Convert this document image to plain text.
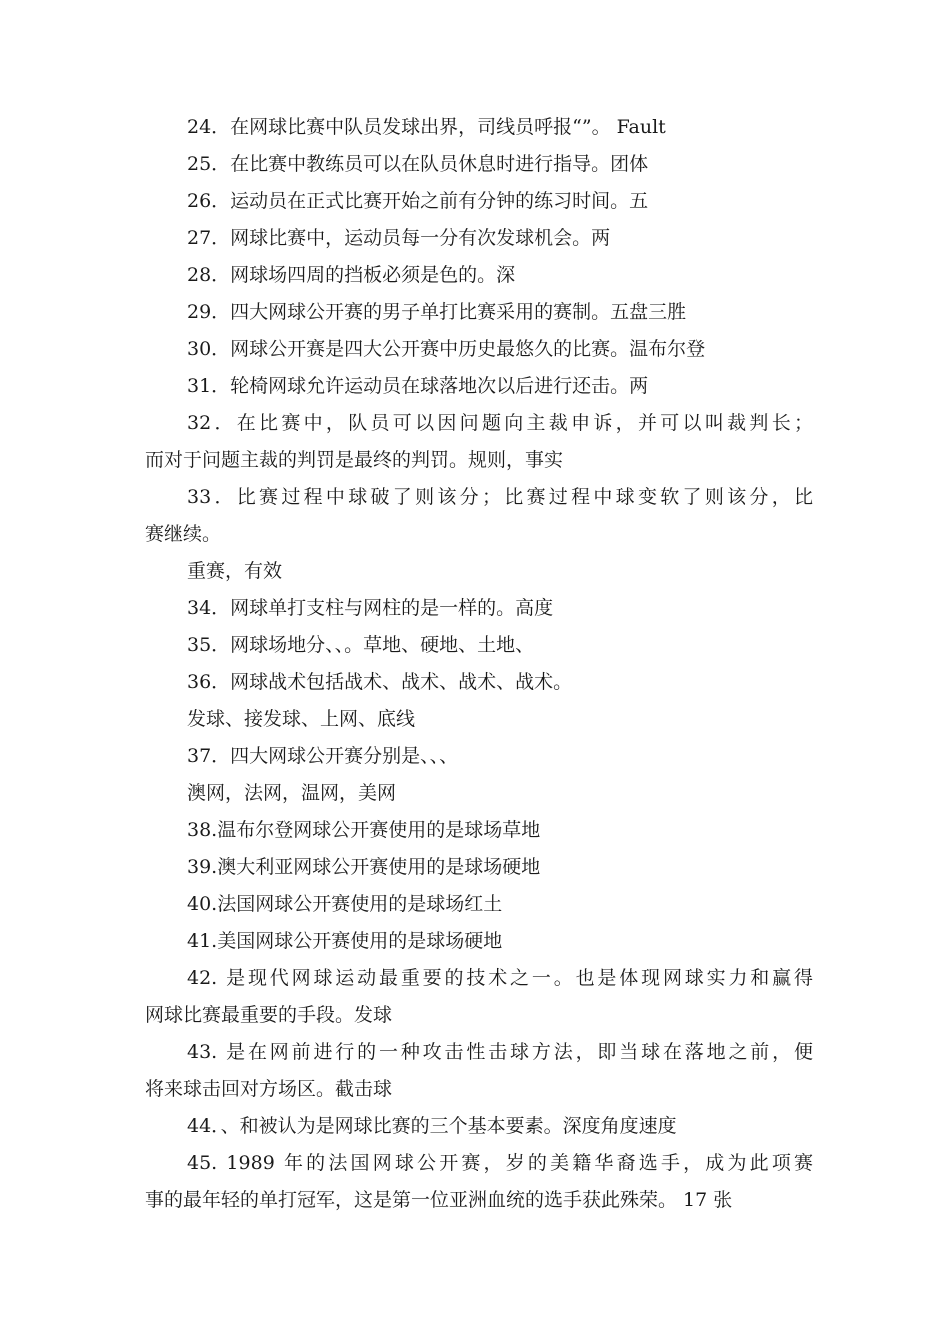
24．在网球比赛中队员发球出界，司线员呼报“”。 Fault
25．在比赛中教练员可以在队员休息时进行指导。团体
26．运动员在正式比赛开始之前有分钟的练习时间。五
27．网球比赛中，运动员每一分有次发球机会。两
28．网球场四周的挡板必须是色的。深
29．四大网球公开赛的男子单打比赛采用的赛制。五盘三胜
30．网球公开赛是四大公开赛中历史最悠久的比赛。温布尔登
31．轮椅网球允许运动员在球落地次以后进行还击。两
32．在比赛中，队员可以因问题向主裁申诉，并可以叫裁判长；
而对于问题主裁的判罚是最终的判罚。规则，事实
33．比赛过程中球破了则该分；比赛过程中球变软了则该分，比
赛继续。
重赛，有效
34．网球单打支柱与网柱的是一样的。高度
35．网球场地分、、。草地、硬地、土地、
36．网球战术包括战术、战术、战术、战术。
发球、接发球、上网、底线
37．四大网球公开赛分别是、、、
澳网，法网，温网，美网
38.温布尔登网球公开赛使用的是球场草地
39.澳大利亚网球公开赛使用的是球场硬地
40.法国网球公开赛使用的是球场红土
41.美国网球公开赛使用的是球场硬地
42. 是现代网球运动最重要的技术之一。也是体现网球实力和赢得
网球比赛最重要的手段。发球
43. 是在网前进行的一种攻击性击球方法，即当球在落地之前，便
将来球击回对方场区。截击球
44．、和被认为是网球比赛的三个基本要素。深度角度速度
45. 1989 年的法国网球公开赛，岁的美籍华裔选手，成为此项赛
事的最年轻的单打冠军，这是第一位亚洲血统的选手获此殊荣。 17 张
